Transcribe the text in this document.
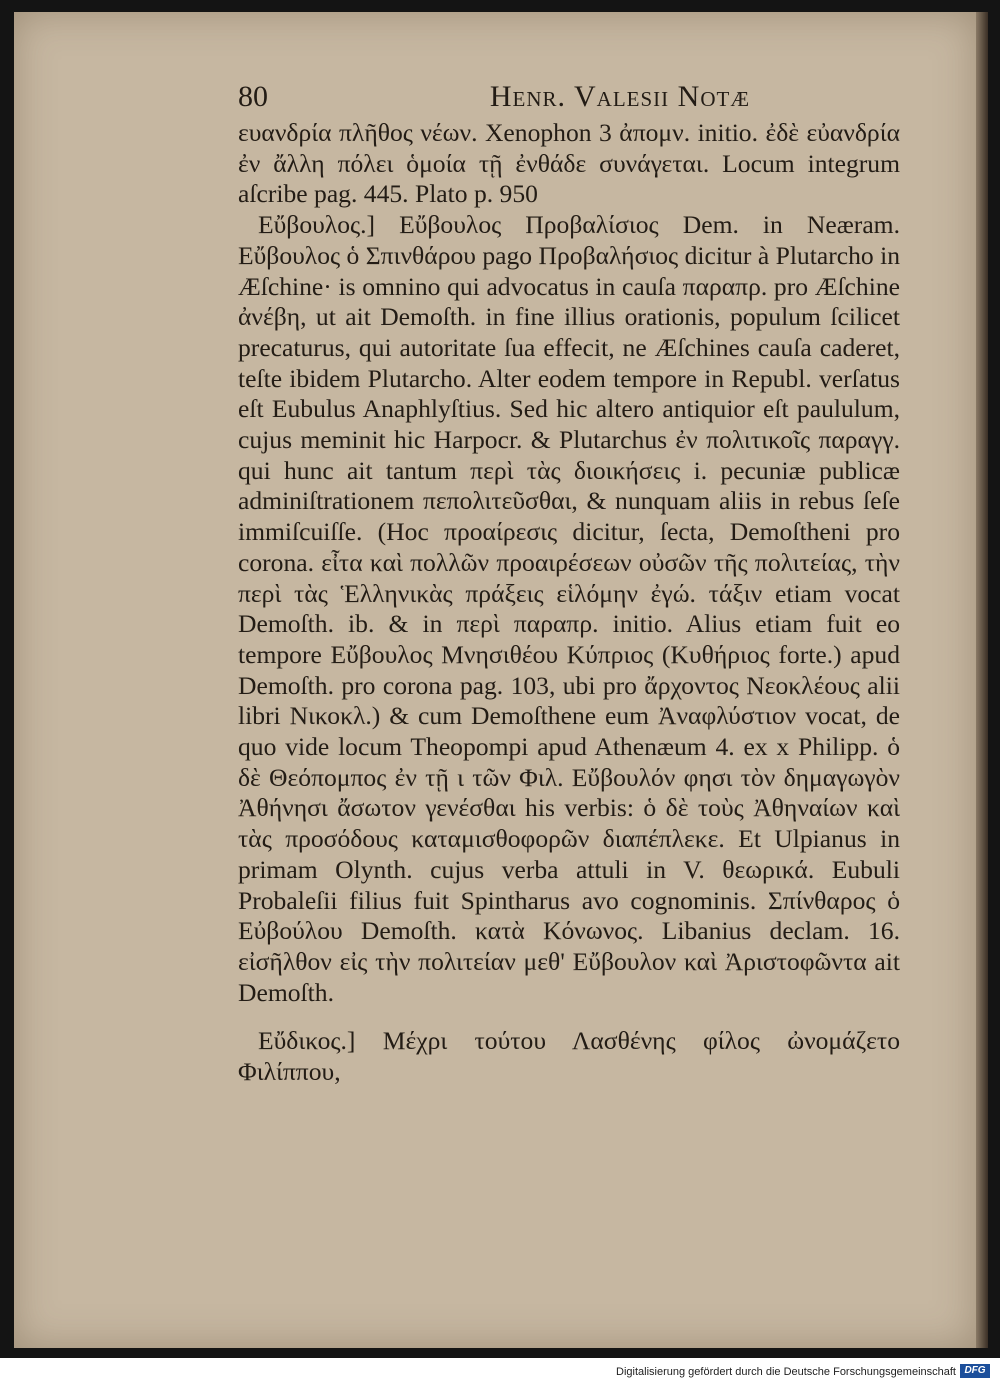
80	Henr. Valesii Notæ

ευανδρία πλῆθος νέων. Xenophon 3 ἀπομν. initio. ἐδὲ εὐανδρία ἐν ἄλλη πόλει ὁμοία τῇ ἐνθάδε συνάγεται. Locum integrum aſcribe pag. 445. Plato p. 950

Εὔβουλος.] Εὔβουλος Προβαλίσιος Dem. in Neæram. Εὔβουλος ὁ Σπινθάρου pago Προβαλήσιος dicitur à Plutarcho in Æſchine· is omnino qui advocatus in cauſa παραπρ. pro Æſchine ἀνέβη, ut ait Demoſth. in fine illius orationis, populum ſcilicet precaturus, qui autoritate ſua effecit, ne Æſchines cauſa caderet, teſte ibidem Plutarcho. Alter eodem tempore in Republ. verſatus eſt Eubulus Anaphlyſtius. Sed hic altero antiquior eſt paululum, cujus meminit hic Harpocr. & Plutarchus ἐν πολιτικοῖς παραγγ. qui hunc ait tantum περὶ τὰς διοικήσεις i. pecuniæ publicæ adminiſtrationem πεπολιτεῦσθαι, & nunquam aliis in rebus ſeſe immiſcuiſſe. (Hoc προαίρεσις dicitur, ſecta, Demoſtheni pro corona. εἶτα καὶ πολλῶν προαιρέσεων οὐσῶν τῆς πολιτείας, τὴν περὶ τὰς Ἑλληνικὰς πράξεις εἱλόμην ἐγώ. τάξιν etiam vocat Demoſth. ib. & in περὶ παραπρ. initio. Alius etiam fuit eo tempore Εὔβουλος Μνησιθέου Κύπριος (Κυθήριος forte.) apud Demoſth. pro corona pag. 103, ubi pro ἄρχοντος Νεοκλέους alii libri Νικοκλ.) & cum Demoſthene eum Ἀναφλύστιον vocat, de quo vide locum Theopompi apud Athenæum 4. ex x Philipp. ὁ δὲ Θεόπομπος ἐν τῇ ι τῶν Φιλ. Εὔβουλόν φησι τὸν δημαγωγὸν Ἀθήνησι ἄσωτον γενέσθαι his verbis: ὁ δὲ τοὺς Ἀθηναίων καὶ τὰς προσόδους καταμισθοφορῶν διαπέπλεκε. Et Ulpianus in primam Olynth. cujus verba attuli in V. θεωρικά. Eubuli Probaleſii filius fuit Spintharus avo cognominis. Σπίνθαρος ὁ Εὐβούλου Demoſth. κατὰ Κόνωνος. Libanius declam. 16. εἰσῆλθον εἰς τὴν πολιτείαν μεθ' Εὔβουλον καὶ Ἀριστοφῶντα ait Demoſth.

Εὔδικος.] Μέχρι τούτου Λασθένης φίλος ὠνομάζετο Φιλίππου,

Digitalisierung gefördert durch die Deutsche Forschungsgemeinschaft DFG
